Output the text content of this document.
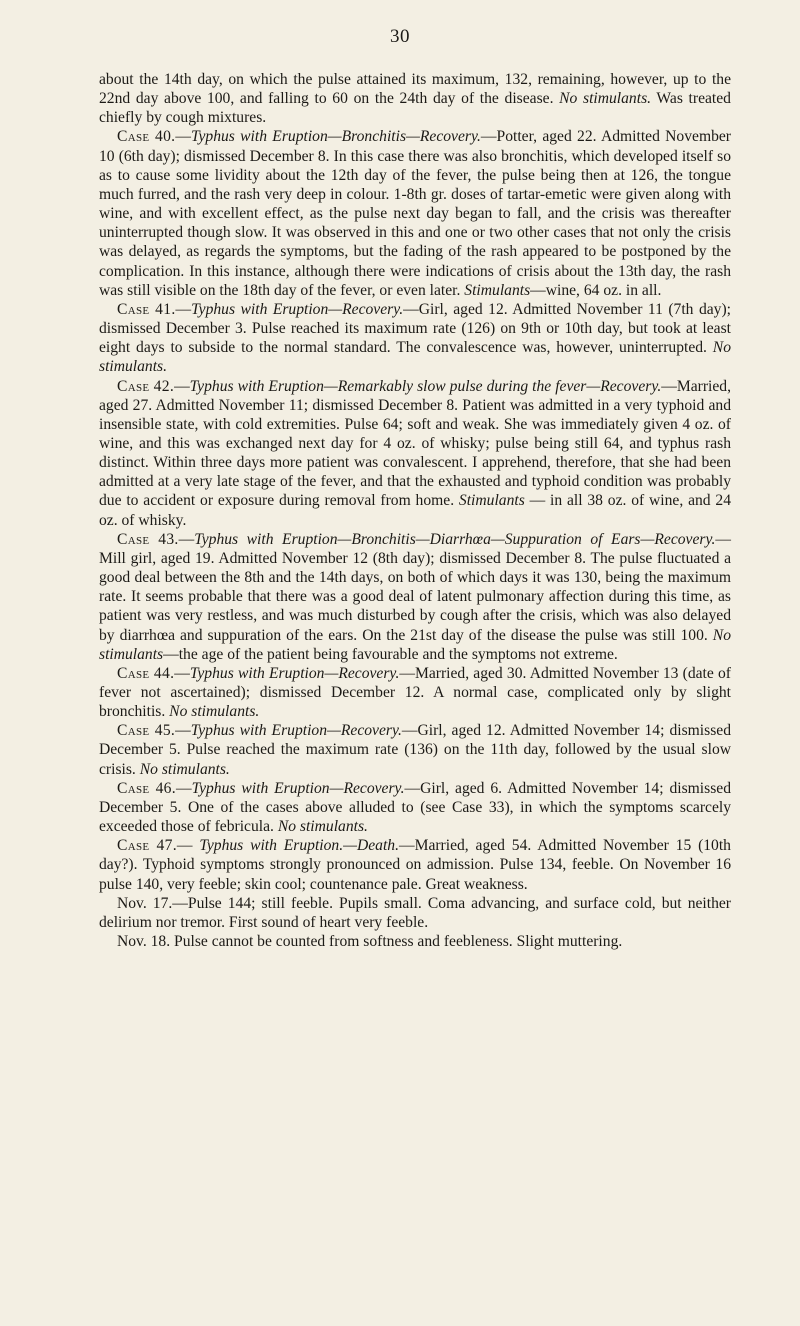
30

about the 14th day, on which the pulse attained its maximum, 132, remaining, however, up to the 22nd day above 100, and falling to 60 on the 24th day of the disease. No stimulants. Was treated chiefly by cough mixtures.

Case 40.—Typhus with Eruption—Bronchitis—Recovery.—Potter, aged 22. Admitted November 10 (6th day); dismissed December 8. In this case there was also bronchitis, which developed itself so as to cause some lividity about the 12th day of the fever, the pulse being then at 126, the tongue much furred, and the rash very deep in colour. 1-8th gr. doses of tartar-emetic were given along with wine, and with excellent effect, as the pulse next day began to fall, and the crisis was thereafter uninterrupted though slow. It was observed in this and one or two other cases that not only the crisis was delayed, as regards the symptoms, but the fading of the rash appeared to be postponed by the complication. In this instance, although there were indications of crisis about the 13th day, the rash was still visible on the 18th day of the fever, or even later. Stimulants—wine, 64 oz. in all.

Case 41.—Typhus with Eruption—Recovery.—Girl, aged 12. Admitted November 11 (7th day); dismissed December 3. Pulse reached its maximum rate (126) on 9th or 10th day, but took at least eight days to subside to the normal standard. The convalescence was, however, uninterrupted. No stimulants.

Case 42.—Typhus with Eruption—Remarkably slow pulse during the fever—Recovery.—Married, aged 27. Admitted November 11; dismissed December 8. Patient was admitted in a very typhoid and insensible state, with cold extremities. Pulse 64; soft and weak. She was immediately given 4 oz. of wine, and this was exchanged next day for 4 oz. of whisky; pulse being still 64, and typhus rash distinct. Within three days more patient was convalescent. I apprehend, therefore, that she had been admitted at a very late stage of the fever, and that the exhausted and typhoid condition was probably due to accident or exposure during removal from home. Stimulants — in all 38 oz. of wine, and 24 oz. of whisky.

Case 43.—Typhus with Eruption—Bronchitis—Diarrhœa—Suppuration of Ears—Recovery.—Mill girl, aged 19. Admitted November 12 (8th day); dismissed December 8. The pulse fluctuated a good deal between the 8th and the 14th days, on both of which days it was 130, being the maximum rate. It seems probable that there was a good deal of latent pulmonary affection during this time, as patient was very restless, and was much disturbed by cough after the crisis, which was also delayed by diarrhœa and suppuration of the ears. On the 21st day of the disease the pulse was still 100. No stimulants—the age of the patient being favourable and the symptoms not extreme.

Case 44.—Typhus with Eruption—Recovery.—Married, aged 30. Admitted November 13 (date of fever not ascertained); dismissed December 12. A normal case, complicated only by slight bronchitis. No stimulants.

Case 45.—Typhus with Eruption—Recovery.—Girl, aged 12. Admitted November 14; dismissed December 5. Pulse reached the maximum rate (136) on the 11th day, followed by the usual slow crisis. No stimulants.

Case 46.—Typhus with Eruption—Recovery.—Girl, aged 6. Admitted November 14; dismissed December 5. One of the cases above alluded to (see Case 33), in which the symptoms scarcely exceeded those of febricula. No stimulants.

Case 47.— Typhus with Eruption.—Death.—Married, aged 54. Admitted November 15 (10th day?). Typhoid symptoms strongly pronounced on admission. Pulse 134, feeble. On November 16 pulse 140, very feeble; skin cool; countenance pale. Great weakness.

Nov. 17.—Pulse 144; still feeble. Pupils small. Coma advancing, and surface cold, but neither delirium nor tremor. First sound of heart very feeble.

Nov. 18. Pulse cannot be counted from softness and feebleness. Slight muttering.
